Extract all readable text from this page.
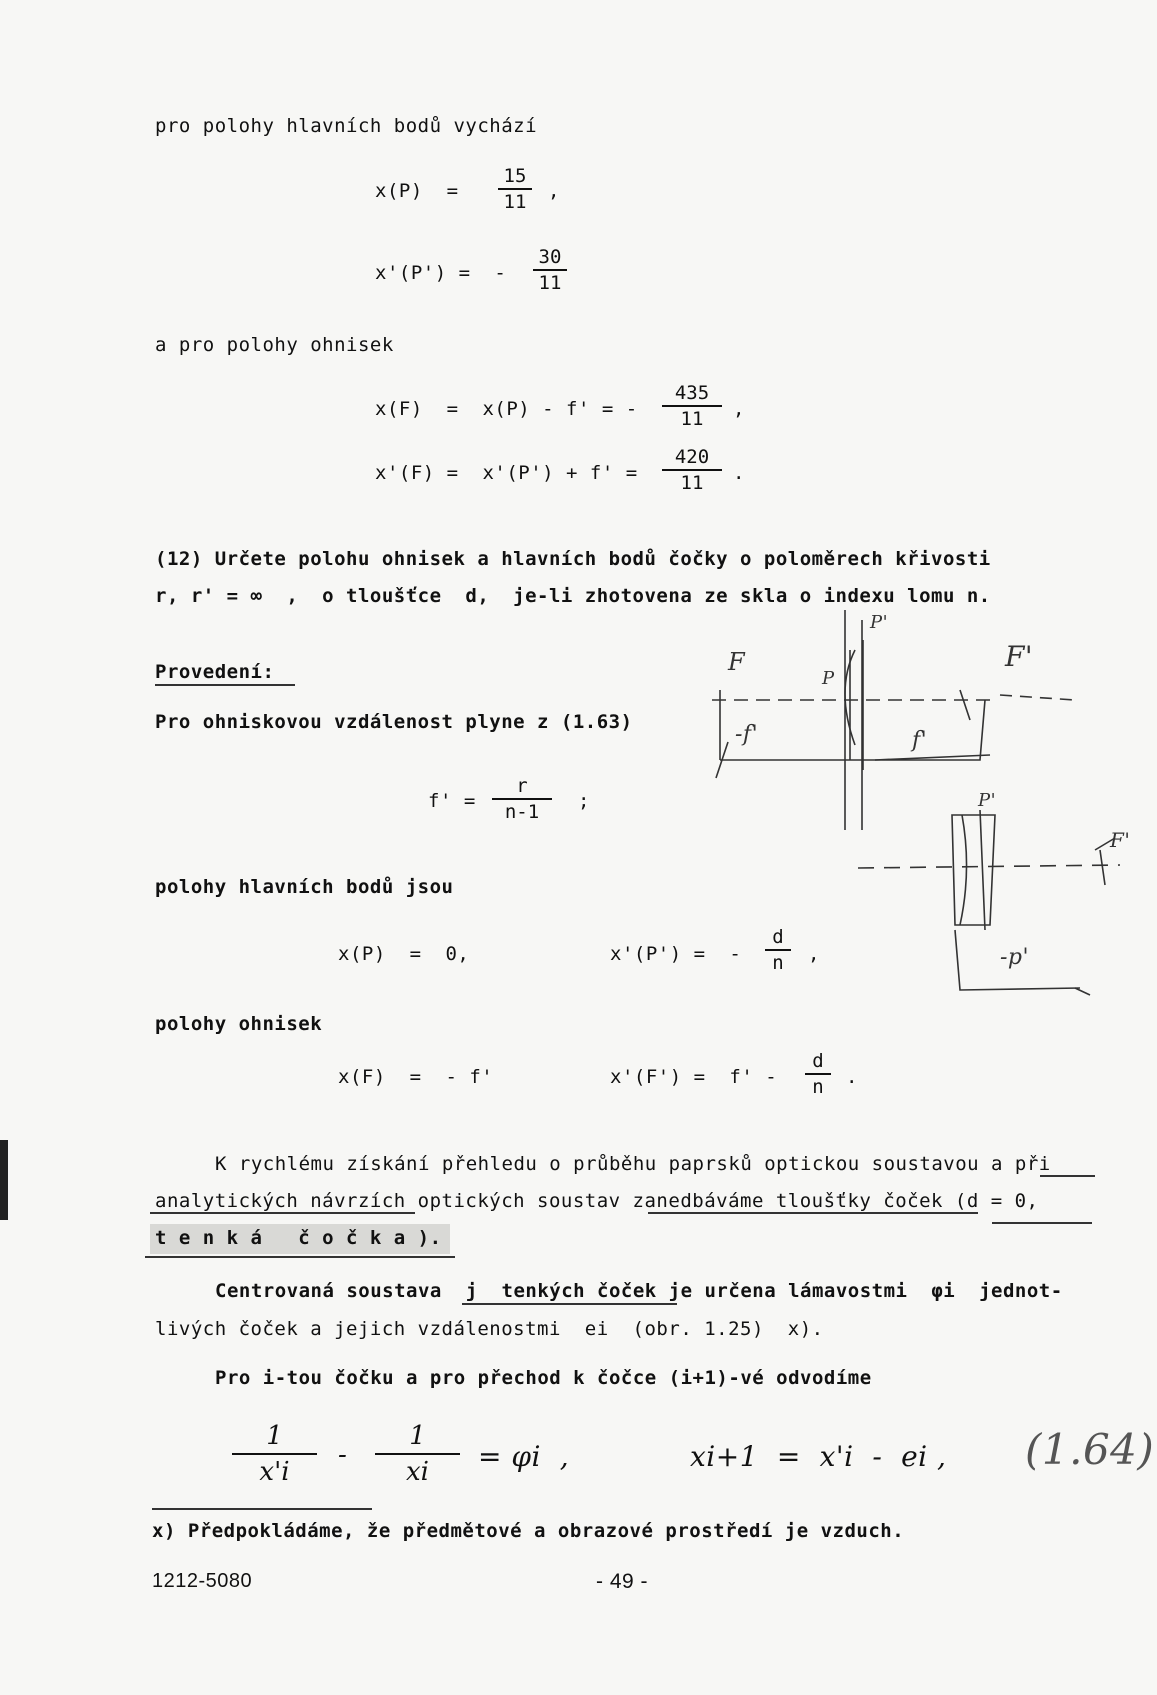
pro polohy hlavních bodů vychází
x(P)  =
15
11 ,
x'(P') =  -
30
11
a pro polohy ohnisek
x(F)  =  x(P) - f' = -
435
11	,
x'(F) =  x'(P') + f' =
420
11	.
(12) Určete polohu ohnisek a hlavních bodů čočky o poloměrech křivosti
r, r' = ∞  ,  o tloušťce  d,  je-li zhotovena ze skla o indexu lomu n.
Provedení:
Pro ohniskovou vzdálenost plyne z (1.63)
f' =
r
n-1	;
polohy hlavních bodů jsou
x(P)  =  0,	x'(P') =  -
d
n	,
polohy ohnisek
x(F)  =  - f'	x'(F') =  f' -
d
n	.
K rychlému získání přehledu o průběhu paprsků optickou soustavou a při
analytických návrzích optických soustav zanedbáváme tloušťky čoček (d = 0,
t e n k á   č o č k a ).
Centrovaná soustava  j  tenkých čoček je určena lámavostmi  φi  jednot-
livých čoček a jejich vzdálenostmi  ei  (obr. 1.25)  x).
Pro i-tou čočku a pro přechod k čočce (i+1)-vé odvodíme
1
x'i
-
1
xi	= φi  ,	xi+1  =  x'i  -  ei , (1.64)
x) Předpokládáme, že předmětové a obrazové prostředí je vzduch.
1212-5080	- 49 -
F
P
P'
F'
-f'	f'
P'
F'
-p'
